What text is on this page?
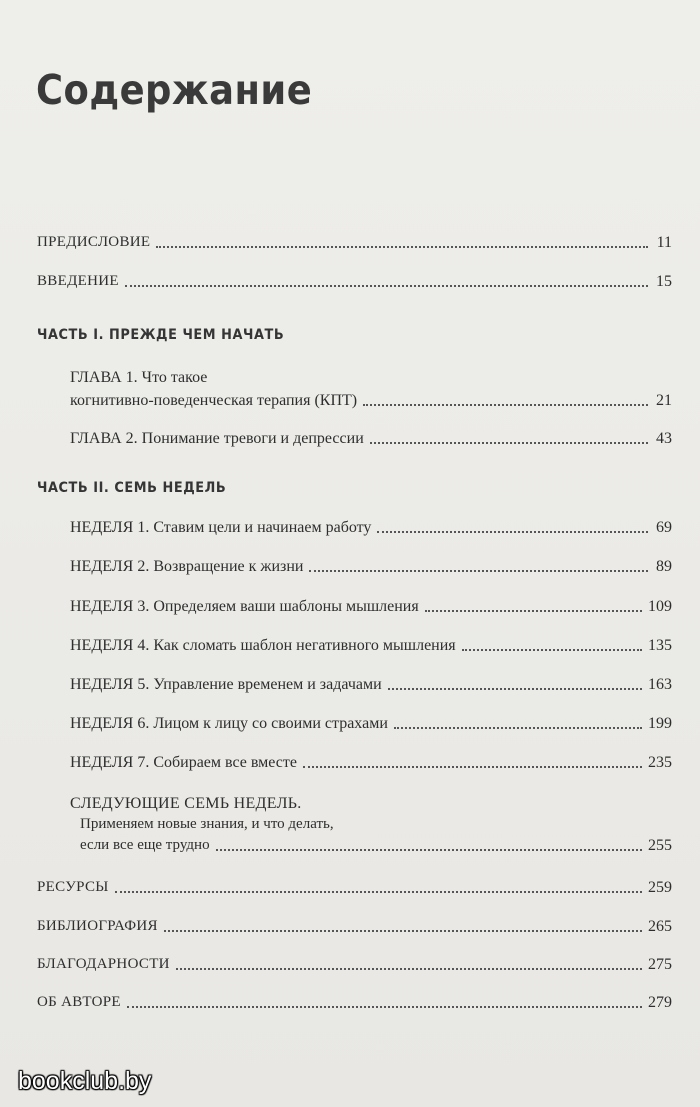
Содержание
ПРЕДИСЛОВИЕ	11
ВВЕДЕНИЕ	15
ЧАСТЬ I. ПРЕЖДЕ ЧЕМ НАЧАТЬ
ГЛАВА 1. Что такое
когнитивно-поведенческая терапия (КПТ)	21
ГЛАВА 2. Понимание тревоги и депрессии	43
ЧАСТЬ II. СЕМЬ НЕДЕЛЬ
НЕДЕЛЯ 1. Ставим цели и начинаем работу	69
НЕДЕЛЯ 2. Возвращение к жизни	89
НЕДЕЛЯ 3. Определяем ваши шаблоны мышления	109
НЕДЕЛЯ 4. Как сломать шаблон негативного мышления	135
НЕДЕЛЯ 5. Управление временем и задачами	163
НЕДЕЛЯ 6. Лицом к лицу со своими страхами	199
НЕДЕЛЯ 7. Собираем все вместе	235
СЛЕДУЮЩИЕ СЕМЬ НЕДЕЛЬ.
Применяем новые знания, и что делать,
если все еще трудно	255
РЕСУРСЫ	259
БИБЛИОГРАФИЯ	265
БЛАГОДАРНОСТИ	275
ОБ АВТОРЕ	279
bookclub.by
